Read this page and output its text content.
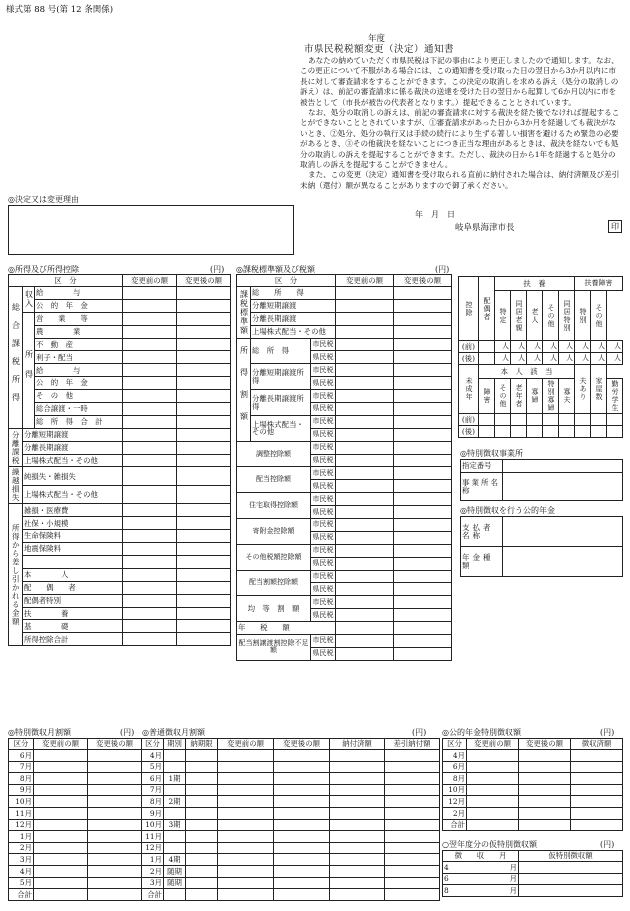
様式第 88 号(第 12 条関係)
年度
市県民税税額変更（決定）通知書

あなたの納めていただく市県民税は下記の事由により更正しましたので通知します。なお、この更正について不服がある場合には、この通知書を受け取った日の翌日から3か月以内に市長に対して審査請求をすることができます。この決定の取消しを求める訴え（処分の取消しの訴え）は、前記の審査請求に係る裁決の送達を受けた日の翌日から起算して6か月以内に市を被告として（市長が被告の代表者となります。）提起できることとされています。

なお、処分の取消しの訴えは、前記の審査請求に対する裁決を経た後でなければ提起することができないこととされていますが、①審査請求があった日から3か月を経過しても裁決がないとき、②処分、処分の執行又は手続の続行により生ずる著しい損害を避けるため緊急の必要があるとき、③その他裁決を経ないことにつき正当な理由があるときは、裁決を経ないでも処分の取消しの訴えを提起することができます。ただし、裁決の日から1年を経過すると処分の取消しの訴えを提起することができません。

また、この変更（決定）通知書を受け取られる直前に納付された場合は、納付済額及び差引未納（還付）額が異なることがありますので御了承ください。

◎決定又は変更理由
年　月　日
岐阜県海津市長	印
◎所得及び所得控除	(円)
区　分			変更前の額	変更後の額
総合課税所得	収入	給　　　　与		
		公　的　年　金		
	所得	営　　業　　等		
		農　　　　業		
		不　動　産		
		利子・配当		
		給　　　　与		
		公　的　年　金		
		そ　の　他		
		総合譲渡・一時		
		総　所　得　合　計		
分離課税	分離短期譲渡			
	分離長期譲渡			
	上場株式配当・その他			
繰越損失	純損失・雑損失			
	上場株式配当・その他			
所得から差し引かれる金額	雑損・医療費			
	社保・小規模			
	生命保険料			
	地震保険料			

	本　　　　人			
	配　　偶　　者			
	配偶者特別			
	扶　　　　養			
	基　　　　礎			
	所得控除合計			
◎課税標準額及び税額	(円)
区　分			変更前の額	変更後の額
課税標準額	総　　所　　得			
	分離短期譲渡			
	分離長期譲渡			
	上場株式配当・その他			
所得割額	総　所　得	市民税		
		県民税		
	分離短期譲渡所得	市民税		
		県民税		
	分離長期譲渡所得	市民税		
		県民税		
	上場株式配当・その他	市民税		
		県民税		
調整控除額		市民税		
		県民税		
配当控除額		市民税		
		県民税		
住宅取得控除額		市民税		
		県民税		
寄附金控除額		市民税		
		県民税		
その他税額控除額		市民税		
		県民税		
配当割額控除額		市民税		
		県民税		
均　等　割　額		市民税		
		県民税		
年　　税　　額				
配当割譲渡割控除不足額		市民税		
		県民税		
控除	配偶者	扶　養					扶養障害		
		特定	同居老親	老人	その他	同居特別	特別	その他	
(前)		人	人	人	人	人	人	人	人
(後)		人	人	人	人	人	人	人	人
未成年	本　人　該　当						夫あり	家屋数	
	障害	その他	老年者	寡婦	特別寡婦	寡夫			勤労学生
(前)									
(後)									
◎特別徴収事業所
指定番号	
事業所名称	
◎特別徴収を行う公的年金
支払者名称	
年金種類	
◎特別徴収月割額	(円)
区分	変更前の額	変更後の額
6月		
7月		
8月		
9月		
10月		
11月		
12月		
1月		
2月		
3月		
4月		
5月		
合計		
◎普通徴収月割額	(円)
区分	期別	納期限	変更前の額	変更後の額	納付済額	差引納付額
4月						
5月						
6月	1期					
7月						
8月	2期					
9月						
10月	3期					
11月						
12月						
1月	4期					
2月	随期					
3月	随期					
合計						
◎公的年金特別徴収額	(円)
区分	変更前の額	変更後の額	徴収済額
4月			
6月			
8月			
10月			
12月			
2月			
合計			
○翌年度分の仮特別徴収額	(円)
徴　　収　　月	仮特別徴収額
4 月	

6 月	

8 月	
